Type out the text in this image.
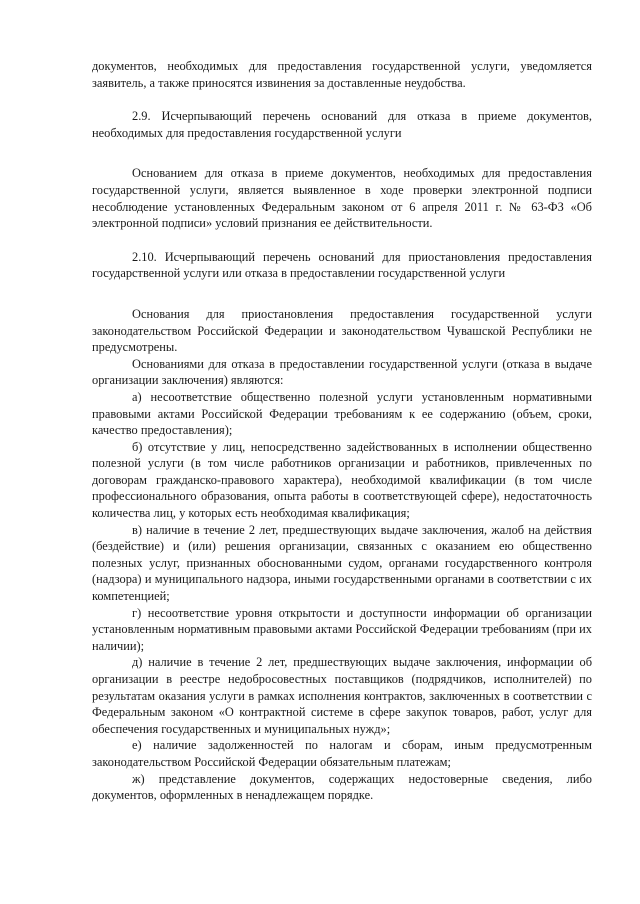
документов, необходимых для предоставления государственной услуги, уведомляется заявитель, а также приносятся извинения за доставленные неудобства.

2.9. Исчерпывающий перечень оснований для отказа в приеме документов, необходимых для предоставления государственной услуги

Основанием для отказа в приеме документов, необходимых для предоставления государственной услуги, является выявленное в ходе проверки электронной подписи несоблюдение установленных Федеральным законом от 6 апреля 2011 г. № 63-ФЗ «Об электронной подписи» условий признания ее действительности.

2.10. Исчерпывающий перечень оснований для приостановления предоставления государственной услуги или отказа в предоставлении государственной услуги

Основания для приостановления предоставления государственной услуги законодательством Российской Федерации и законодательством Чувашской Республики не предусмотрены.

Основаниями для отказа в предоставлении государственной услуги (отказа в выдаче организации заключения) являются:

а) несоответствие общественно полезной услуги установленным нормативными правовыми актами Российской Федерации требованиям к ее содержанию (объем, сроки, качество предоставления);

б) отсутствие у лиц, непосредственно задействованных в исполнении общественно полезной услуги (в том числе работников организации и работников, привлеченных по договорам гражданско-правового характера), необходимой квалификации (в том числе профессионального образования, опыта работы в соответствующей сфере), недостаточность количества лиц, у которых есть необходимая квалификация;

в) наличие в течение 2 лет, предшествующих выдаче заключения, жалоб на действия (бездействие) и (или) решения организации, связанных с оказанием ею общественно полезных услуг, признанных обоснованными судом, органами государственного контроля (надзора) и муниципального надзора, иными государственными органами в соответствии с их компетенцией;

г) несоответствие уровня открытости и доступности информации об организации установленным нормативным правовыми актами Российской Федерации требованиям (при их наличии);

д) наличие в течение 2 лет, предшествующих выдаче заключения, информации об организации в реестре недобросовестных поставщиков (подрядчиков, исполнителей) по результатам оказания услуги в рамках исполнения контрактов, заключенных в соответствии с Федеральным законом «О контрактной системе в сфере закупок товаров, работ, услуг для обеспечения государственных и муниципальных нужд»;

е) наличие задолженностей по налогам и сборам, иным предусмотренным законодательством Российской Федерации обязательным платежам;

ж) представление документов, содержащих недостоверные сведения, либо документов, оформленных в ненадлежащем порядке.
